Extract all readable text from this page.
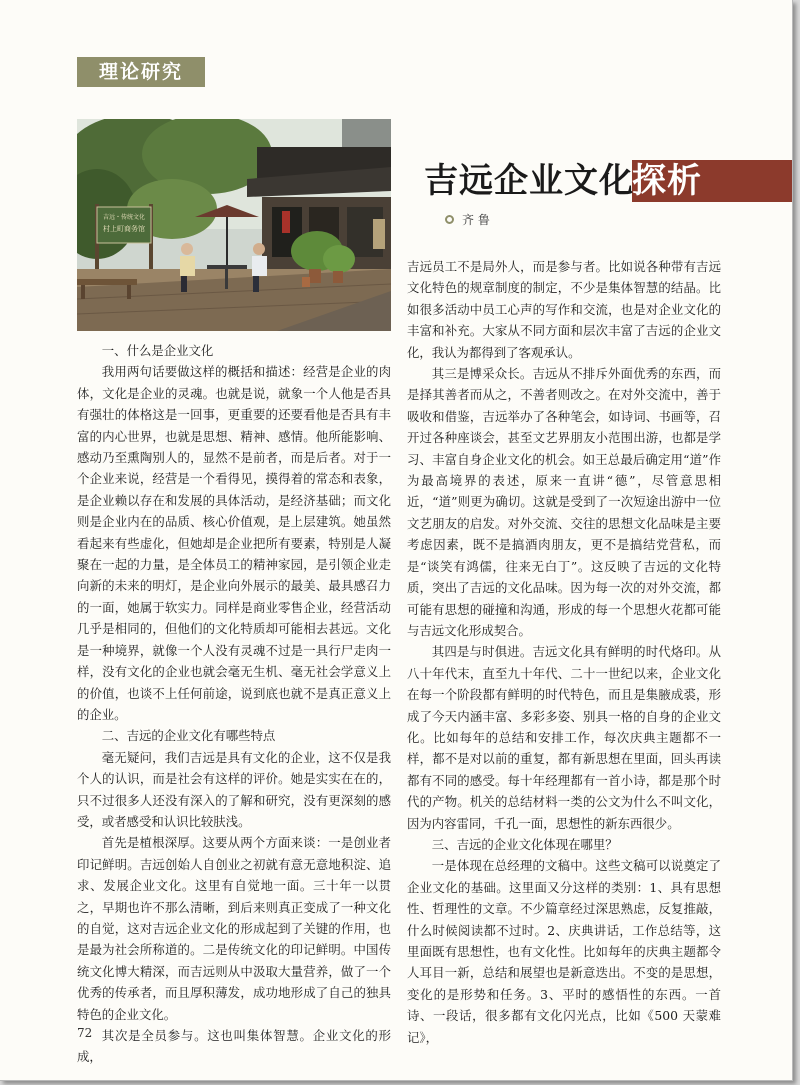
理论研究
吉远・传统文化
村上町商务馆
吉远企业文化
探析
齐 鲁

一、什么是企业文化

我用两句话要做这样的概括和描述：经营是企业的肉体，文化是企业的灵魂。也就是说，就象一个人他是否具有强壮的体格这是一回事，更重要的还要看他是否具有丰富的内心世界，也就是思想、精神、感情。他所能影响、感动乃至熏陶别人的，显然不是前者，而是后者。对于一个企业来说，经营是一个看得见，摸得着的常态和表象，是企业赖以存在和发展的具体活动，是经济基础；而文化则是企业内在的品质、核心价值观，是上层建筑。她虽然看起来有些虚化，但她却是企业把所有要素，特别是人凝聚在一起的力量，是全体员工的精神家园，是引领企业走向新的未来的明灯，是企业向外展示的最美、最具感召力的一面，她属于软实力。同样是商业零售企业，经营活动几乎是相同的，但他们的文化特质却可能相去甚远。文化是一种境界，就像一个人没有灵魂不过是一具行尸走肉一样，没有文化的企业也就会毫无生机、毫无社会学意义上的价值，也谈不上任何前途，说到底也就不是真正意义上的企业。

二、吉远的企业文化有哪些特点

毫无疑问，我们吉远是具有文化的企业，这不仅是我个人的认识，而是社会有这样的评价。她是实实在在的，只不过很多人还没有深入的了解和研究，没有更深刻的感受，或者感受和认识比较肤浅。

首先是植根深厚。这要从两个方面来谈：一是创业者印记鲜明。吉远创始人自创业之初就有意无意地积淀、追求、发展企业文化。这里有自觉地一面。三十年一以贯之，早期也许不那么清晰，到后来则真正变成了一种文化的自觉，这对吉远企业文化的形成起到了关键的作用，也是最为社会所称道的。二是传统文化的印记鲜明。中国传统文化博大精深，而吉远则从中汲取大量营养，做了一个优秀的传承者，而且厚积薄发，成功地形成了自己的独具特色的企业文化。

其次是全员参与。这也叫集体智慧。企业文化的形成，

吉远员工不是局外人，而是参与者。比如说各种带有吉远文化特色的规章制度的制定，不少是集体智慧的结晶。比如很多活动中员工心声的写作和交流，也是对企业文化的丰富和补充。大家从不同方面和层次丰富了吉远的企业文化，我认为都得到了客观承认。

其三是博采众长。吉远从不排斥外面优秀的东西，而是择其善者而从之，不善者则改之。在对外交流中，善于吸收和借鉴，吉远举办了各种笔会，如诗词、书画等，召开过各种座谈会，甚至文艺界朋友小范围出游，也都是学习、丰富自身企业文化的机会。如王总最后确定用“道”作为最高境界的表述，原来一直讲“德”，尽管意思相近，“道”则更为确切。这就是受到了一次短途出游中一位文艺朋友的启发。对外交流、交往的思想文化品味是主要考虑因素，既不是搞酒肉朋友，更不是搞结党营私，而是“谈笑有鸿儒，往来无白丁”。这反映了吉远的文化特质，突出了吉远的文化品味。因为每一次的对外交流，都可能有思想的碰撞和沟通，形成的每一个思想火花都可能与吉远文化形成契合。

其四是与时俱进。吉远文化具有鲜明的时代烙印。从八十年代末，直至九十年代、二十一世纪以来，企业文化在每一个阶段都有鲜明的时代特色，而且是集腋成裘，形成了今天内涵丰富、多彩多姿、别具一格的自身的企业文化。比如每年的总结和安排工作，每次庆典主题都不一样，都不是对以前的重复，都有新思想在里面，回头再读都有不同的感受。每十年经理都有一首小诗，都是那个时代的产物。机关的总结材料一类的公文为什么不叫文化，因为内容雷同，千孔一面，思想性的新东西很少。

三、吉远的企业文化体现在哪里？

一是体现在总经理的文稿中。这些文稿可以说奠定了企业文化的基础。这里面又分这样的类别：1、具有思想性、哲理性的文章。不少篇章经过深思熟虑，反复推敲，什么时候阅读都不过时。2、庆典讲话，工作总结等，这里面既有思想性，也有文化性。比如每年的庆典主题都令人耳目一新，总结和展望也是新意迭出。不变的是思想，变化的是形势和任务。3、平时的感悟性的东西。一首诗、一段话，很多都有文化闪光点，比如《500 天蒙难记》，

72
